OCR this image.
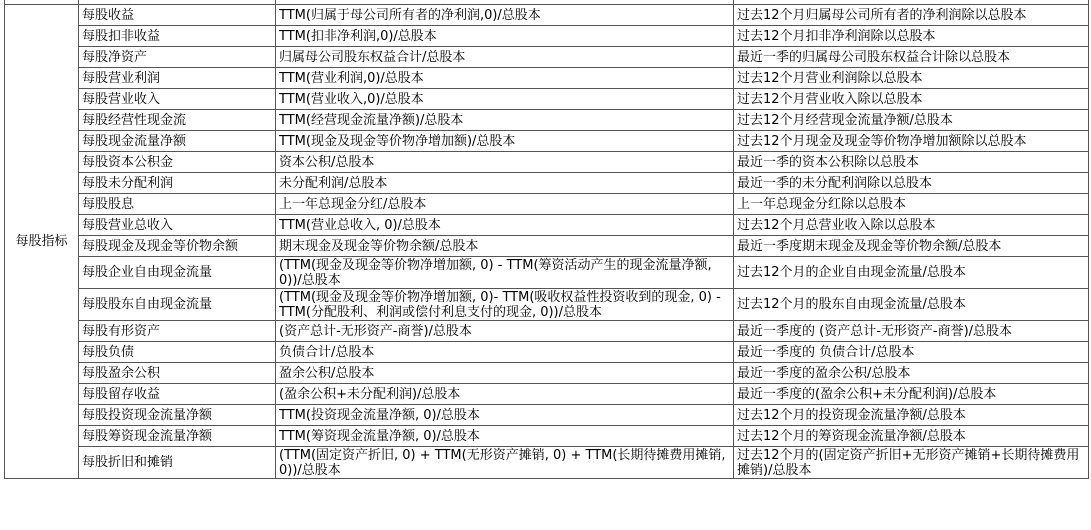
每股指标	每股收益	TTM(归属于母公司所有者的净利润,0)/总股本	过去12个月归属母公司所有者的净利润除以总股本
	每股扣非收益	TTM(扣非净利润,0)/总股本	过去12个月扣非净利润除以总股本
	每股净资产	归属母公司股东权益合计/总股本	最近一季的归属母公司股东权益合计除以总股本
	每股营业利润	TTM(营业利润,0)/总股本	过去12个月营业利润除以总股本
	每股营业收入	TTM(营业收入,0)/总股本	过去12个月营业收入除以总股本
	每股经营性现金流	TTM(经营现金流量净额)/总股本	过去12个月经营现金流量净额/总股本
	每股现金流量净额	TTM(现金及现金等价物净增加额)/总股本	过去12个月现金及现金等价物净增加额除以总股本
	每股资本公积金	资本公积/总股本	最近一季的资本公积除以总股本
	每股未分配利润	未分配利润/总股本	最近一季的未分配利润除以总股本
	每股股息	上一年总现金分红/总股本	上一年总现金分红除以总股本
	每股营业总收入	TTM(营业总收入, 0)/总股本	过去12个月总营业收入除以总股本
	每股现金及现金等价物余额	期末现金及现金等价物余额/总股本	最近一季度期末现金及现金等价物余额/总股本
	每股企业自由现金流量	(TTM(现金及现金等价物净增加额, 0) - TTM(筹资活动产生的现金流量净额, 0))/总股本	过去12个月的企业自由现金流量/总股本
	每股股东自由现金流量	(TTM(现金及现金等价物净增加额, 0)- TTM(吸收权益性投资收到的现金, 0) - TTM(分配股利、利润或偿付利息支付的现金, 0))/总股本	过去12个月的股东自由现金流量/总股本
	每股有形资产	(资产总计-无形资产-商誉)/总股本	最近一季度的 (资产总计-无形资产-商誉)/总股本
	每股负债	负债合计/总股本	最近一季度的 负债合计/总股本
	每股盈余公积	盈余公积/总股本	最近一季度的盈余公积/总股本
	每股留存收益	(盈余公积+未分配利润)/总股本	最近一季度的(盈余公积+未分配利润)/总股本
	每股投资现金流量净额	TTM(投资现金流量净额, 0)/总股本	过去12个月的投资现金流量净额/总股本
	每股筹资现金流量净额	TTM(筹资现金流量净额, 0)/总股本	过去12个月的筹资现金流量净额/总股本
	每股折旧和摊销	(TTM(固定资产折旧, 0) + TTM(无形资产摊销, 0) + TTM(长期待摊费用摊销, 0))/总股本	过去12个月的(固定资产折旧+无形资产摊销+长期待摊费用摊销)/总股本
